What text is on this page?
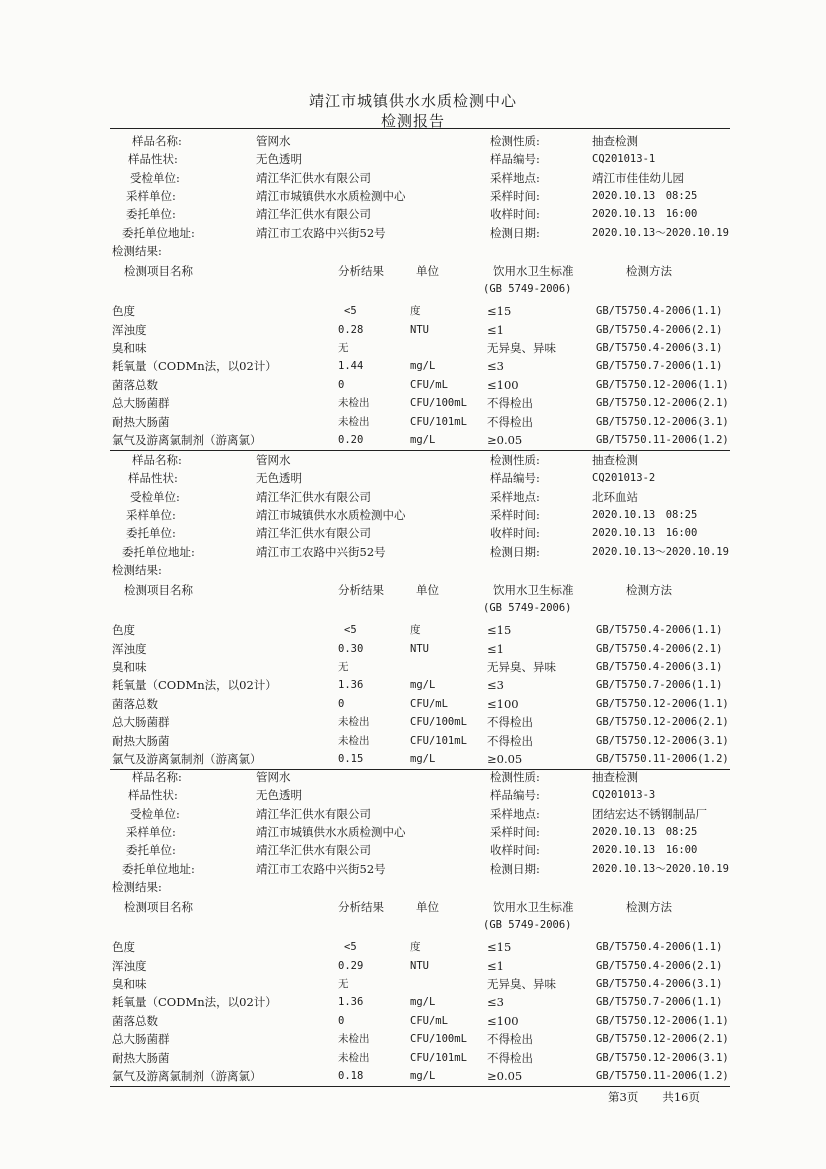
靖江市城镇供水水质检测中心
检测报告
样品名称:	管网水	检测性质:	抽查检测
样品性状:	无色透明	样品编号:	CQ201013-1
受检单位:	靖江华汇供水有限公司	采样地点:	靖江市佳佳幼儿园
采样单位:	靖江市城镇供水水质检测中心	采样时间:	2020.10.13　08:25
委托单位:	靖江华汇供水有限公司	收样时间:	2020.10.13　16:00
委托单位地址:	靖江市工农路中兴街52号	检测日期:	2020.10.13～2020.10.19
检测结果:
检测项目名称	分析结果	单位	饮用水卫生标准
(GB 5749-2006)
检测方法
色度	<5	度	≤15	GB/T5750.4-2006(1.1)
浑浊度	0.28	NTU	≤1	GB/T5750.4-2006(2.1)
臭和味	无	无异臭、异味	GB/T5750.4-2006(3.1)
耗氧量（CODMn法，以02计）	1.44	mg/L	≤3	GB/T5750.7-2006(1.1)
菌落总数	0	CFU/mL	≤100	GB/T5750.12-2006(1.1)
总大肠菌群	未检出	CFU/100mL 不得检出	GB/T5750.12-2006(2.1)
耐热大肠菌	未检出	CFU/101mL 不得检出	GB/T5750.12-2006(3.1)
氯气及游离氯制剂（游离氯）	0.20	mg/L	≥0.05	GB/T5750.11-2006(1.2)
样品名称:	管网水	检测性质:	抽查检测
样品性状:	无色透明	样品编号:	CQ201013-2
受检单位:	靖江华汇供水有限公司	采样地点:	北环血站
采样单位:	靖江市城镇供水水质检测中心	采样时间:	2020.10.13　08:25
委托单位:	靖江华汇供水有限公司	收样时间:	2020.10.13　16:00
委托单位地址:	靖江市工农路中兴街52号	检测日期:	2020.10.13～2020.10.19
检测结果:
检测项目名称	分析结果	单位	饮用水卫生标准
(GB 5749-2006)
检测方法
色度	<5	度	≤15	GB/T5750.4-2006(1.1)
浑浊度	0.30	NTU	≤1	GB/T5750.4-2006(2.1)
臭和味	无	无异臭、异味	GB/T5750.4-2006(3.1)
耗氧量（CODMn法，以02计）	1.36	mg/L	≤3	GB/T5750.7-2006(1.1)
菌落总数	0	CFU/mL	≤100	GB/T5750.12-2006(1.1)
总大肠菌群	未检出	CFU/100mL 不得检出	GB/T5750.12-2006(2.1)
耐热大肠菌	未检出	CFU/101mL 不得检出	GB/T5750.12-2006(3.1)
氯气及游离氯制剂（游离氯）	0.15	mg/L	≥0.05	GB/T5750.11-2006(1.2)
样品名称:	管网水	检测性质:	抽查检测
样品性状:	无色透明	样品编号:	CQ201013-3
受检单位:	靖江华汇供水有限公司	采样地点:	团结宏达不锈钢制品厂
采样单位:	靖江市城镇供水水质检测中心	采样时间:	2020.10.13　08:25
委托单位:	靖江华汇供水有限公司	收样时间:	2020.10.13　16:00
委托单位地址:	靖江市工农路中兴街52号	检测日期:	2020.10.13～2020.10.19
检测结果:
检测项目名称	分析结果	单位	饮用水卫生标准
(GB 5749-2006)
检测方法
色度	<5	度	≤15	GB/T5750.4-2006(1.1)
浑浊度	0.29	NTU	≤1	GB/T5750.4-2006(2.1)
臭和味	无	无异臭、异味	GB/T5750.4-2006(3.1)
耗氧量（CODMn法，以02计）	1.36	mg/L	≤3	GB/T5750.7-2006(1.1)
菌落总数	0	CFU/mL	≤100	GB/T5750.12-2006(1.1)
总大肠菌群	未检出	CFU/100mL 不得检出	GB/T5750.12-2006(2.1)
耐热大肠菌	未检出	CFU/101mL 不得检出	GB/T5750.12-2006(3.1)
氯气及游离氯制剂（游离氯）	0.18	mg/L	≥0.05	GB/T5750.11-2006(1.2)
第3页 共16页
